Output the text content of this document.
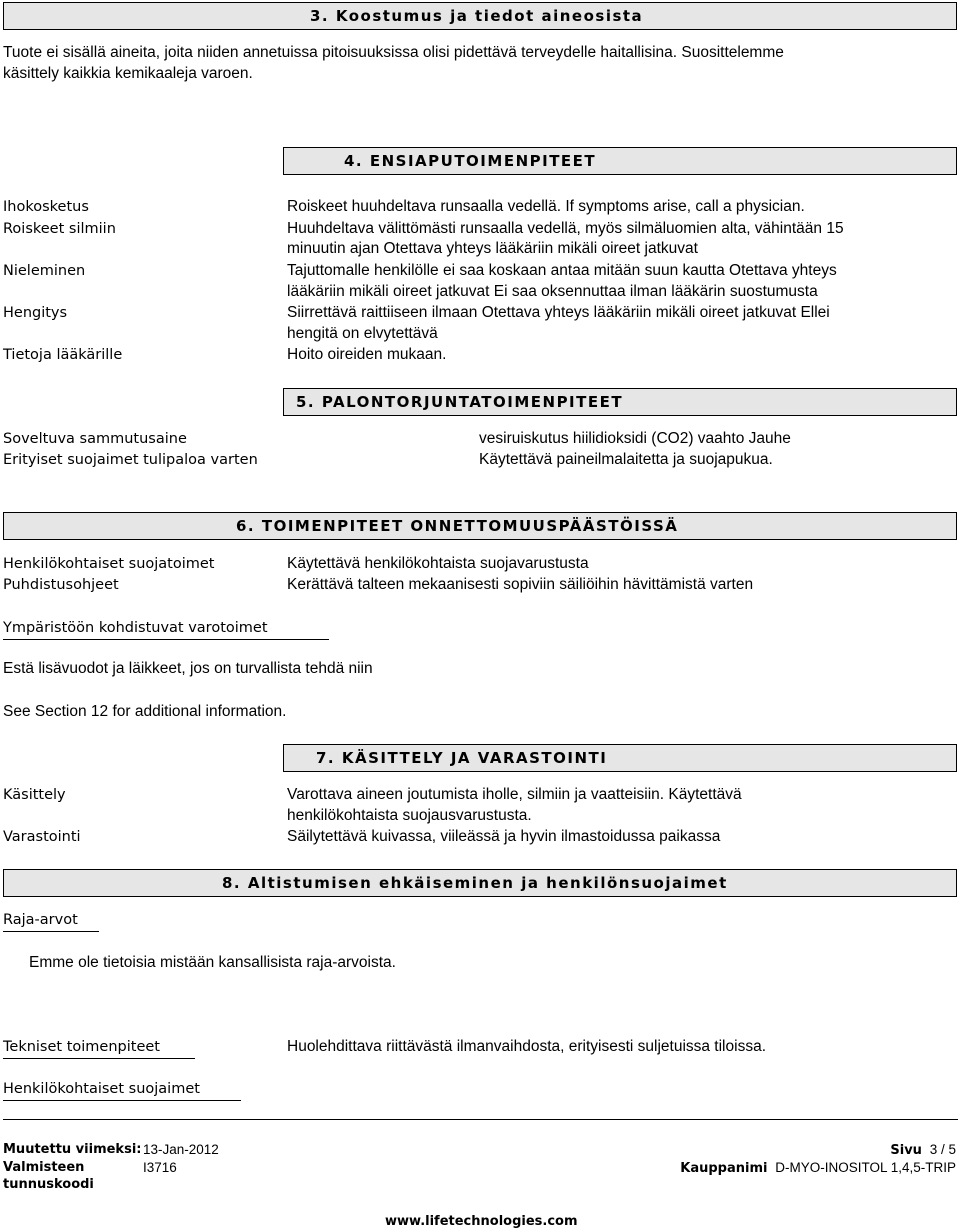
3. Koostumus ja tiedot aineosista
Tuote ei sisällä aineita, joita niiden annetuissa pitoisuuksissa olisi pidettävä terveydelle haitallisina. Suosittelemme
käsittely kaikkia kemikaaleja varoen.
4. ENSIAPUTOIMENPITEET
Ihokosketus	Roiskeet huuhdeltava runsaalla vedellä. If symptoms arise, call a physician.
Roiskeet silmiin	Huuhdeltava välittömästi runsaalla vedellä, myös silmäluomien alta, vähintään 15
minuutin ajan Otettava yhteys lääkäriin mikäli oireet jatkuvat
Nieleminen	Tajuttomalle henkilölle ei saa koskaan antaa mitään suun kautta Otettava yhteys
lääkäriin mikäli oireet jatkuvat Ei saa oksennuttaa ilman lääkärin suostumusta
Hengitys	Siirrettävä raittiiseen ilmaan Otettava yhteys lääkäriin mikäli oireet jatkuvat Ellei
hengitä on elvytettävä
Tietoja lääkärille	Hoito oireiden mukaan.
5. PALONTORJUNTATOIMENPITEET
Soveltuva sammutusaine	vesiruiskutus hiilidioksidi (CO2) vaahto Jauhe
Erityiset suojaimet tulipaloa varten	Käytettävä paineilmalaitetta ja suojapukua.
6. TOIMENPITEET ONNETTOMUUSPÄÄSTÖISSÄ
Henkilökohtaiset suojatoimet	Käytettävä henkilökohtaista suojavarustusta
Puhdistusohjeet	Kerättävä talteen mekaanisesti sopiviin säiliöihin hävittämistä varten
Ympäristöön kohdistuvat varotoimet
Estä lisävuodot ja läikkeet, jos on turvallista tehdä niin
See Section 12 for additional information.
7. KÄSITTELY JA VARASTOINTI
Käsittely	Varottava aineen joutumista iholle, silmiin ja vaatteisiin. Käytettävä
henkilökohtaista suojausvarustusta.
Varastointi	Säilytettävä kuivassa, viileässä ja hyvin ilmastoidussa paikassa
8. Altistumisen ehkäiseminen ja henkilönsuojaimet
Raja-arvot
Emme ole tietoisia mistään kansallisista raja-arvoista.
Tekniset toimenpiteet	Huolehdittava riittävästä ilmanvaihdosta, erityisesti suljetuissa tiloissa.
Henkilökohtaiset suojaimet
Muutettu viimeksi: 13-Jan-2012
Valmisteen	I3716
tunnuskoodi
Sivu 3 / 5
Kauppanimi D-MYO-INOSITOL 1,4,5-TRIP
www.lifetechnologies.com
